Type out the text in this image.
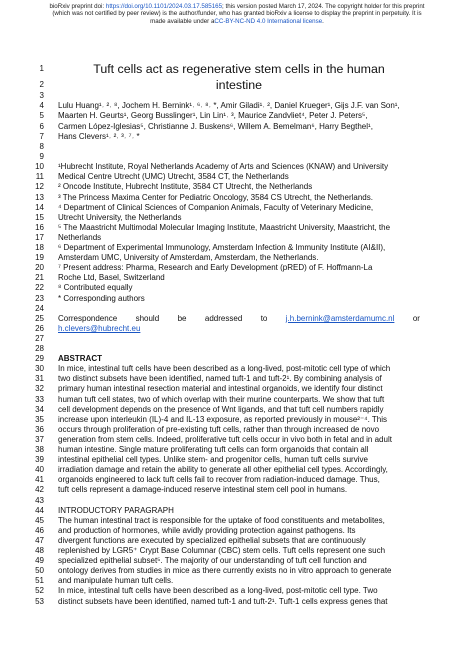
bioRxiv preprint doi: https://doi.org/10.1101/2024.03.17.585165; this version posted March 17, 2024. The copyright holder for this preprint
(which was not certified by peer review) is the author/funder, who has granted bioRxiv a license to display the preprint in perpetuity. It is
made available under aCC-BY-NC-ND 4.0 International license.
1
2
3
4
5
6
7
8
9
10
11
12
13
14
15
16
17
18
19
20
21
22
23
24
25
26
27
28
29
30
31
32
33
34
35
36
37
38
39
40
41
42
43
44
45
46
47
48
49
50
51
52
53
Tuft cells act as regenerative stem cells in the human
intestine
Lulu Huang¹˒ ²˒ ⁸, Jochem H. Bernink¹˒ ⁶˒ ⁸˒ *, Amir Giladi¹˒ ², Daniel Krueger¹, Gijs J.F. van Son¹,
Maarten H. Geurts¹, Georg Busslinger¹, Lin Lin¹˒ ³, Maurice Zandvliet⁴, Peter J. Peters⁵,
Carmen López-Iglesias⁵, Christianne J. Buskens⁶, Willem A. Bemelman⁶, Harry Begthel¹,
Hans Clevers¹˒ ²˒ ³˒ ⁷˒ *
¹Hubrecht Institute, Royal Netherlands Academy of Arts and Sciences (KNAW) and University
Medical Centre Utrecht (UMC) Utrecht, 3584 CT, the Netherlands
² Oncode Institute, Hubrecht Institute, 3584 CT Utrecht, the Netherlands
³ The Princess Maxima Center for Pediatric Oncology, 3584 CS Utrecht, the Netherlands.
⁴ Department of Clinical Sciences of Companion Animals, Faculty of Veterinary Medicine,
Utrecht University, the Netherlands
⁵ The Maastricht Multimodal Molecular Imaging Institute, Maastricht University, Maastricht, the
Netherlands
⁶ Department of Experimental Immunology, Amsterdam Infection & Immunity Institute (AI&II),
Amsterdam UMC, University of Amsterdam, Amsterdam, the Netherlands.
⁷ Present address: Pharma, Research and Early Development (pRED) of F. Hoffmann-La
Roche Ltd, Basel, Switzerland
⁸ Contributed equally
* Corresponding authors
Correspondence should be addressed to j.h.bernink@amsterdamumc.nl or
h.clevers@hubrecht.eu
ABSTRACT
In mice, intestinal tuft cells have been described as a long-lived, post-mitotic cell type of which
two distinct subsets have been identified, named tuft-1 and tuft-2¹. By combining analysis of
primary human intestinal resection material and intestinal organoids, we identify four distinct
human tuft cell states, two of which overlap with their murine counterparts. We show that tuft
cell development depends on the presence of Wnt ligands, and that tuft cell numbers rapidly
increase upon interleukin (IL)-4 and IL-13 exposure, as reported previously in mouse²⁻⁴. This
occurs through proliferation of pre-existing tuft cells, rather than through increased de novo
generation from stem cells. Indeed, proliferative tuft cells occur in vivo both in fetal and in adult
human intestine. Single mature proliferating tuft cells can form organoids that contain all
intestinal epithelial cell types. Unlike stem- and progenitor cells, human tuft cells survive
irradiation damage and retain the ability to generate all other epithelial cell types. Accordingly,
organoids engineered to lack tuft cells fail to recover from radiation-induced damage. Thus,
tuft cells represent a damage-induced reserve intestinal stem cell pool in humans.
INTRODUCTORY PARAGRAPH
The human intestinal tract is responsible for the uptake of food constituents and metabolites,
and production of hormones, while avidly providing protection against pathogens. Its
divergent functions are executed by specialized epithelial subsets that are continuously
replenished by LGR5⁺ Crypt Base Columnar (CBC) stem cells. Tuft cells represent one such
specialized epithelial subset⁵. The majority of our understanding of tuft cell function and
ontology derives from studies in mice as there currently exists no in vitro approach to generate
and manipulate human tuft cells.
In mice, intestinal tuft cells have been described as a long-lived, post-mitotic cell type. Two
distinct subsets have been identified, named tuft-1 and tuft-2¹. Tuft-1 cells express genes that
